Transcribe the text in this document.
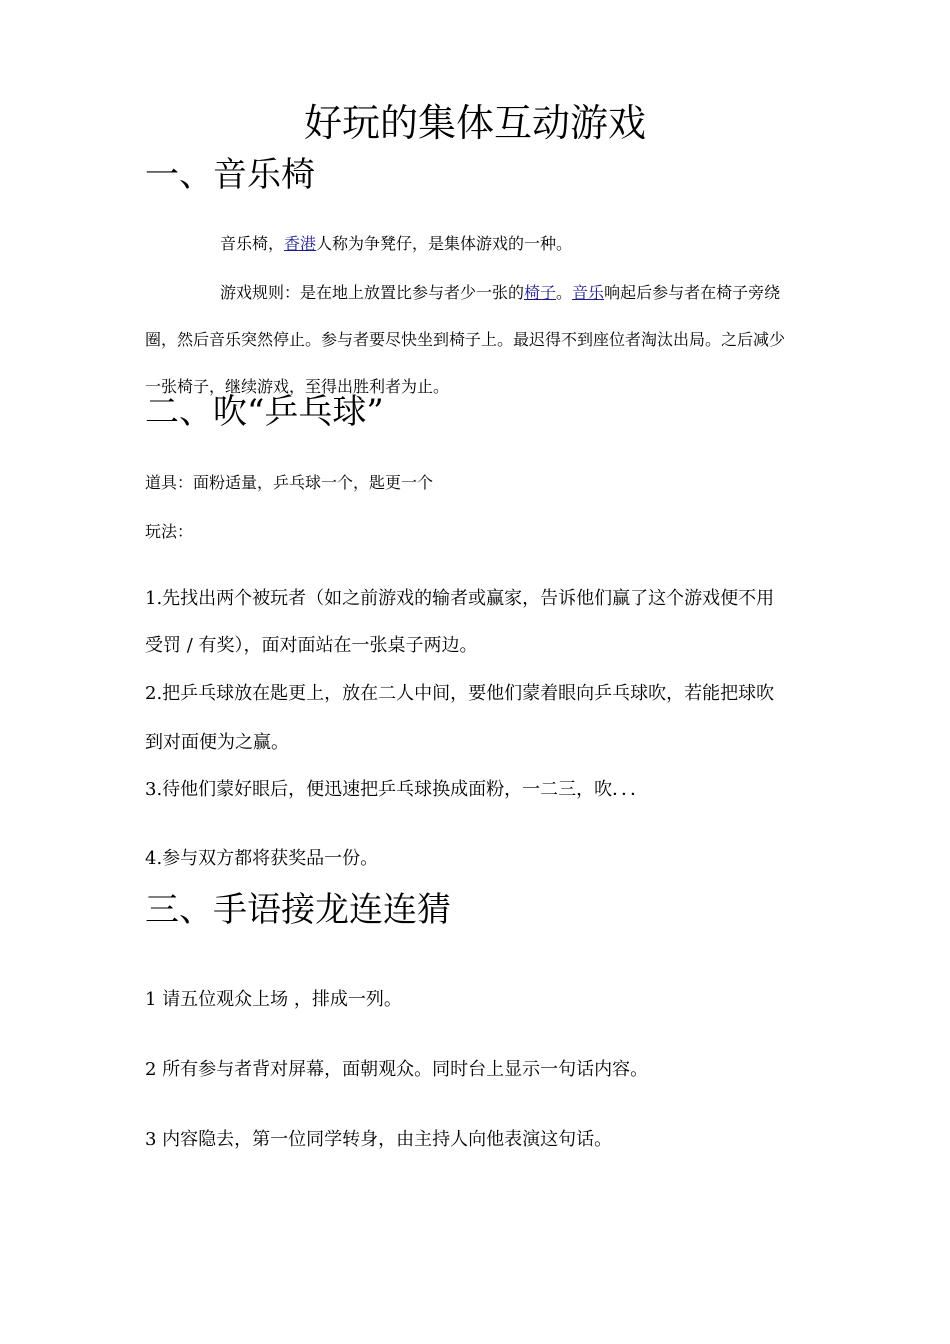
好玩的集体互动游戏
一、音乐椅
音乐椅，香港人称为争凳仔，是集体游戏的一种。
游戏规则：是在地上放置比参与者少一张的椅子。音乐响起后参与者在椅子旁绕
圈，然后音乐突然停止。参与者要尽快坐到椅子上。最迟得不到座位者淘汰出局。之后减少
一张椅子，继续游戏，至得出胜利者为止。
二、吹“乒乓球”
道具：面粉适量，乒乓球一个，匙更一个
玩法：
1.先找出两个被玩者（如之前游戏的输者或赢家，告诉他们赢了这个游戏便不用
受罚 / 有奖），面对面站在一张桌子两边。
2.把乒乓球放在匙更上，放在二人中间，要他们蒙着眼向乒乓球吹，若能把球吹
到对面便为之赢。
3.待他们蒙好眼后，便迅速把乒乓球换成面粉，一二三，吹．．．
4.参与双方都将获奖品一份。
三、手语接龙连连猜
1 请五位观众上场 ，排成一列。
2 所有参与者背对屏幕，面朝观众。同时台上显示一句话内容。
3 内容隐去，第一位同学转身，由主持人向他表演这句话。
